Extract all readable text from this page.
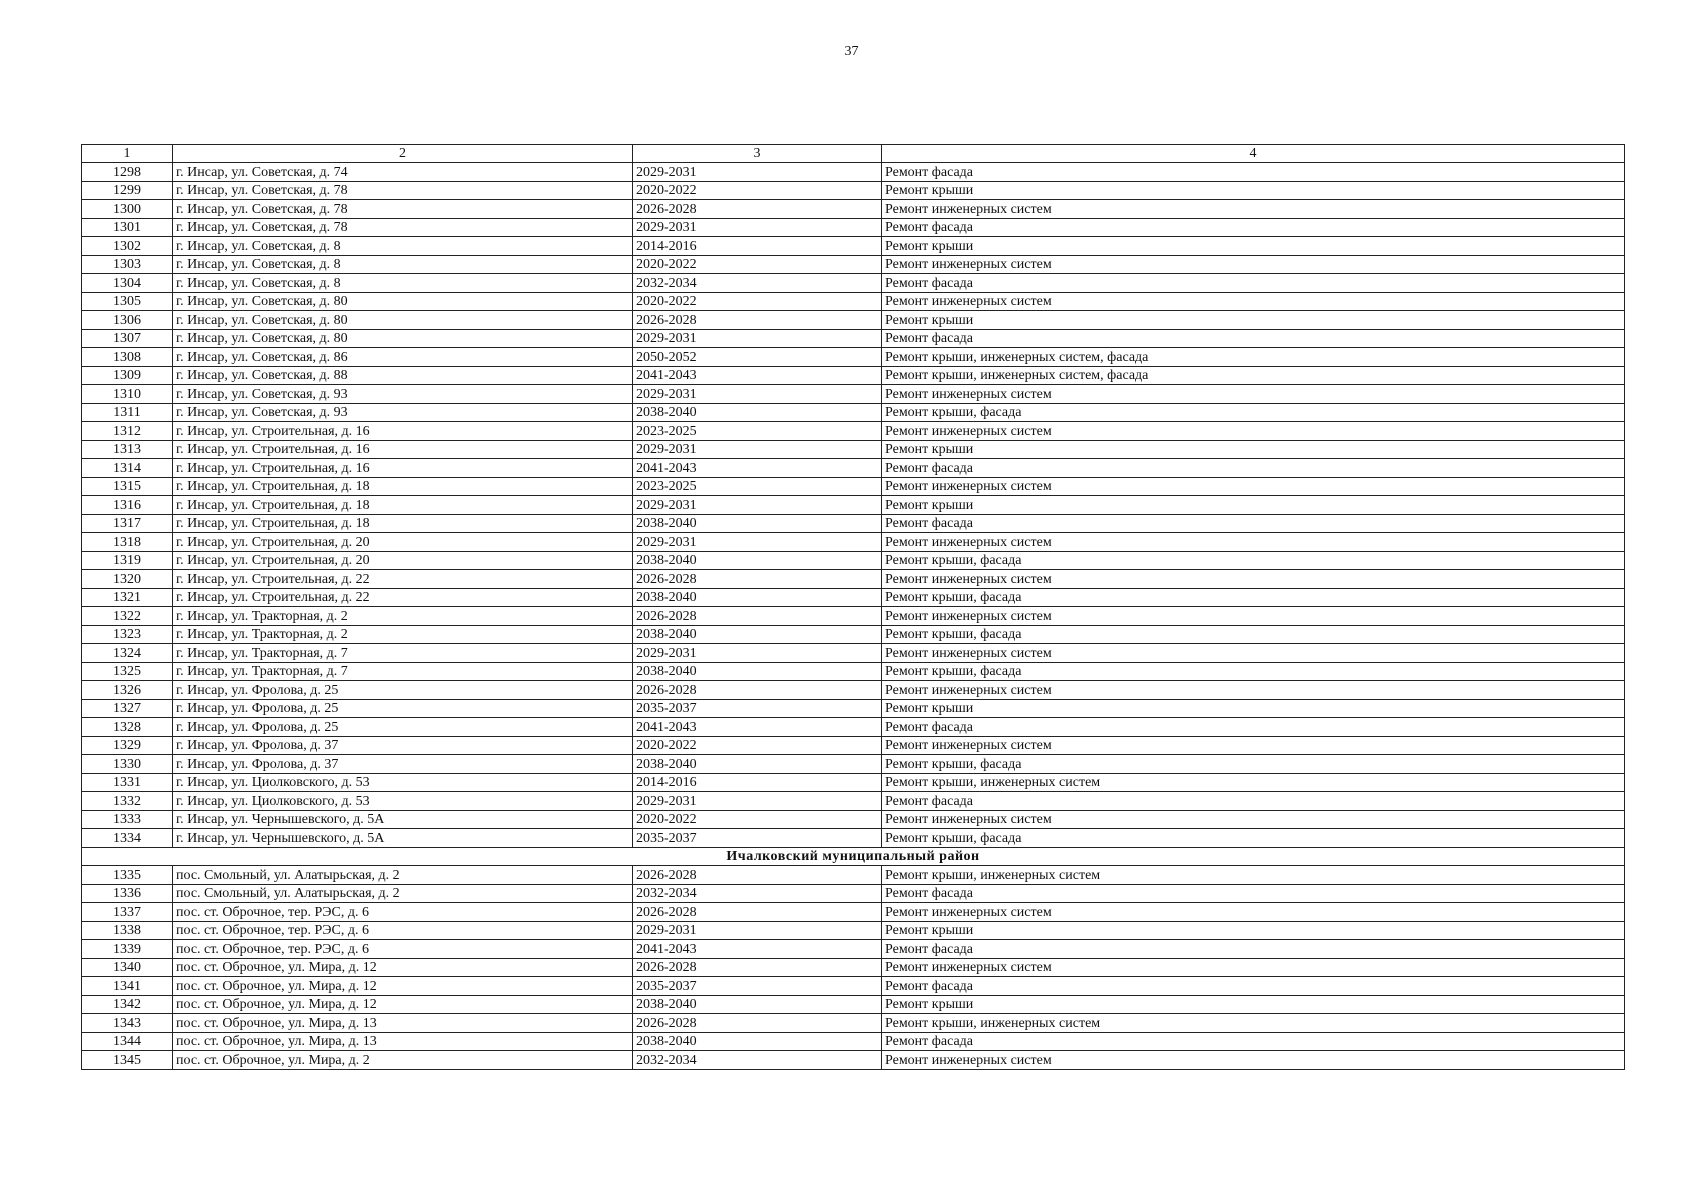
37
1	2	3	4
1298	г. Инсар, ул. Советская, д. 74	2029-2031	Ремонт фасада
1299	г. Инсар, ул. Советская, д. 78	2020-2022	Ремонт крыши
1300	г. Инсар, ул. Советская, д. 78	2026-2028	Ремонт инженерных систем
1301	г. Инсар, ул. Советская, д. 78	2029-2031	Ремонт фасада
1302	г. Инсар, ул. Советская, д. 8	2014-2016	Ремонт крыши
1303	г. Инсар, ул. Советская, д. 8	2020-2022	Ремонт инженерных систем
1304	г. Инсар, ул. Советская, д. 8	2032-2034	Ремонт фасада
1305	г. Инсар, ул. Советская, д. 80	2020-2022	Ремонт инженерных систем
1306	г. Инсар, ул. Советская, д. 80	2026-2028	Ремонт крыши
1307	г. Инсар, ул. Советская, д. 80	2029-2031	Ремонт фасада
1308	г. Инсар, ул. Советская, д. 86	2050-2052	Ремонт крыши, инженерных систем, фасада
1309	г. Инсар, ул. Советская, д. 88	2041-2043	Ремонт крыши, инженерных систем, фасада
1310	г. Инсар, ул. Советская, д. 93	2029-2031	Ремонт инженерных систем
1311	г. Инсар, ул. Советская, д. 93	2038-2040	Ремонт крыши, фасада
1312	г. Инсар, ул. Строительная, д. 16	2023-2025	Ремонт инженерных систем
1313	г. Инсар, ул. Строительная, д. 16	2029-2031	Ремонт крыши
1314	г. Инсар, ул. Строительная, д. 16	2041-2043	Ремонт фасада
1315	г. Инсар, ул. Строительная, д. 18	2023-2025	Ремонт инженерных систем
1316	г. Инсар, ул. Строительная, д. 18	2029-2031	Ремонт крыши
1317	г. Инсар, ул. Строительная, д. 18	2038-2040	Ремонт фасада
1318	г. Инсар, ул. Строительная, д. 20	2029-2031	Ремонт инженерных систем
1319	г. Инсар, ул. Строительная, д. 20	2038-2040	Ремонт крыши, фасада
1320	г. Инсар, ул. Строительная, д. 22	2026-2028	Ремонт инженерных систем
1321	г. Инсар, ул. Строительная, д. 22	2038-2040	Ремонт крыши, фасада
1322	г. Инсар, ул. Тракторная, д. 2	2026-2028	Ремонт инженерных систем
1323	г. Инсар, ул. Тракторная, д. 2	2038-2040	Ремонт крыши, фасада
1324	г. Инсар, ул. Тракторная, д. 7	2029-2031	Ремонт инженерных систем
1325	г. Инсар, ул. Тракторная, д. 7	2038-2040	Ремонт крыши, фасада
1326	г. Инсар, ул. Фролова, д. 25	2026-2028	Ремонт инженерных систем
1327	г. Инсар, ул. Фролова, д. 25	2035-2037	Ремонт крыши
1328	г. Инсар, ул. Фролова, д. 25	2041-2043	Ремонт фасада
1329	г. Инсар, ул. Фролова, д. 37	2020-2022	Ремонт инженерных систем
1330	г. Инсар, ул. Фролова, д. 37	2038-2040	Ремонт крыши, фасада
1331	г. Инсар, ул. Циолковского, д. 53	2014-2016	Ремонт крыши, инженерных систем
1332	г. Инсар, ул. Циолковского, д. 53	2029-2031	Ремонт фасада
1333	г. Инсар, ул. Чернышевского, д. 5А	2020-2022	Ремонт инженерных систем
1334	г. Инсар, ул. Чернышевского, д. 5А	2035-2037	Ремонт крыши, фасада
Ичалковский муниципальный район			
1335	пос. Смольный, ул. Алатырьская, д. 2	2026-2028	Ремонт крыши, инженерных систем
1336	пос. Смольный, ул. Алатырьская, д. 2	2032-2034	Ремонт фасада
1337	пос. ст. Оброчное, тер. РЭС, д. 6	2026-2028	Ремонт инженерных систем
1338	пос. ст. Оброчное, тер. РЭС, д. 6	2029-2031	Ремонт крыши
1339	пос. ст. Оброчное, тер. РЭС, д. 6	2041-2043	Ремонт фасада
1340	пос. ст. Оброчное, ул. Мира, д. 12	2026-2028	Ремонт инженерных систем
1341	пос. ст. Оброчное, ул. Мира, д. 12	2035-2037	Ремонт фасада
1342	пос. ст. Оброчное, ул. Мира, д. 12	2038-2040	Ремонт крыши
1343	пос. ст. Оброчное, ул. Мира, д. 13	2026-2028	Ремонт крыши, инженерных систем
1344	пос. ст. Оброчное, ул. Мира, д. 13	2038-2040	Ремонт фасада
1345	пос. ст. Оброчное, ул. Мира, д. 2	2032-2034	Ремонт инженерных систем
